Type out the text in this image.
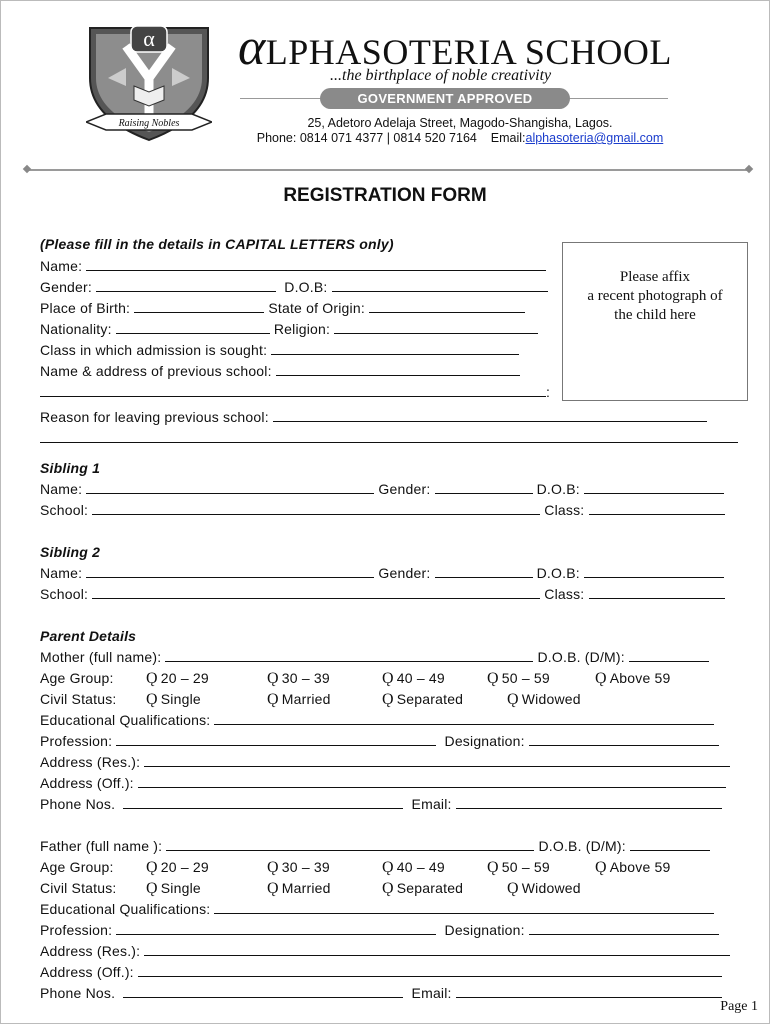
α
Raising Nobles
αLPHASOTERIA SCHOOL
...the birthplace of noble creativity
GOVERNMENT APPROVED
25, Adetoro Adelaja Street, Magodo-Shangisha, Lagos.
Phone: 0814 071 4377 | 0814 520 7164 Email:alphasoteria@gmail.com
REGISTRATION FORM
Please affix
a recent photograph of
the child here
(Please fill in the details in CAPITAL LETTERS only)
Name:
Gender:	D.O.B:
Place of Birth:	State of Origin:
Nationality:	Religion:
Class in which admission is sought:
Name & address of previous school:
:
Reason for leaving previous school:
Sibling 1
Name:	Gender:	D.O.B:
School:	Class:
Sibling 2
Name:	Gender:	D.O.B:
School:	Class:
Parent Details
Mother (full name):	D.O.B. (D/M):
Age Group: Ǫ 20 – 29	Ǫ 30 – 39	Ǫ 40 – 49	Ǫ 50 – 59	Ǫ Above 59
Civil Status: Ǫ Single	Ǫ Married	Ǫ Separated	Ǫ Widowed
Educational Qualifications:
Profession:	Designation:
Address (Res.):
Address (Off.):
Phone Nos.	Email:
Father (full name ):	D.O.B. (D/M):
Age Group: Ǫ 20 – 29	Ǫ 30 – 39	Ǫ 40 – 49	Ǫ 50 – 59	Ǫ Above 59
Civil Status: Ǫ Single	Ǫ Married	Ǫ Separated	Ǫ Widowed
Educational Qualifications:
Profession:	Designation:
Address (Res.):
Address (Off.):
Phone Nos.	Email:
Page 1
